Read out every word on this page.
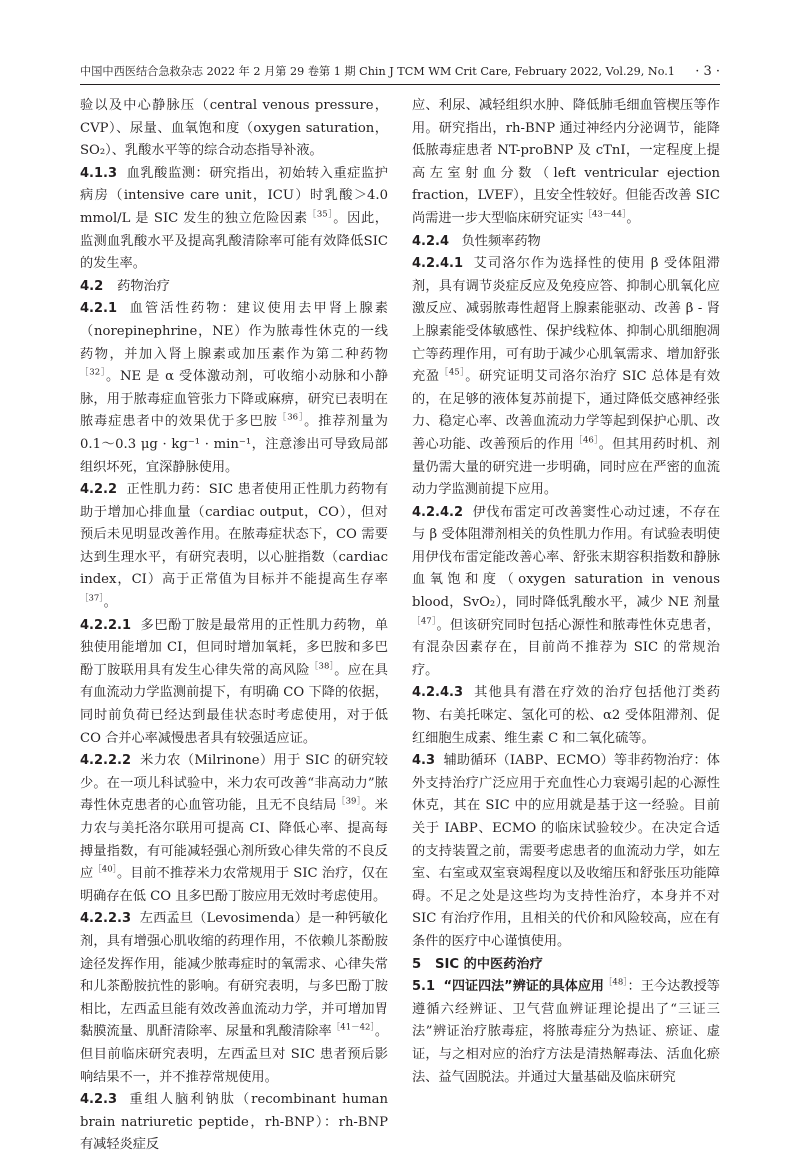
中国中西医结合急救杂志 2022 年 2 月第 29 卷第 1 期 Chin J TCM WM Crit Care, February 2022, Vol.29, No.1 · 3 ·

验以及中心静脉压（central venous pressure，CVP）、尿量、血氧饱和度（oxygen saturation，SO₂）、乳酸水平等的综合动态指导补液。

4.1.3 血乳酸监测：研究指出，初始转入重症监护病房（intensive care unit，ICU）时乳酸＞4.0 mmol/L 是 SIC 发生的独立危险因素$^{[35]}$。因此，监测血乳酸水平及提高乳酸清除率可能有效降低SIC的发生率。

4.2 药物治疗

4.2.1 血管活性药物：建议使用去甲肾上腺素（norepinephrine，NE）作为脓毒性休克的一线药物，并加入肾上腺素或加压素作为第二种药物$^{[32]}$。NE 是 α 受体激动剂，可收缩小动脉和小静脉，用于脓毒症血管张力下降或麻痹，研究已表明在脓毒症患者中的效果优于多巴胺$^{[36]}$。推荐剂量为 0.1～0.3 μg · kg⁻¹ · min⁻¹，注意渗出可导致局部组织坏死，宜深静脉使用。

4.2.2 正性肌力药：SIC 患者使用正性肌力药物有助于增加心排血量（cardiac output，CO），但对预后未见明显改善作用。在脓毒症状态下，CO 需要达到生理水平，有研究表明，以心脏指数（cardiac index，CI）高于正常值为目标并不能提高生存率$^{[37]}$。

4.2.2.1 多巴酚丁胺是最常用的正性肌力药物，单独使用能增加 CI，但同时增加氧耗，多巴胺和多巴酚丁胺联用具有发生心律失常的高风险$^{[38]}$。应在具有血流动力学监测前提下，有明确 CO 下降的依据，同时前负荷已经达到最佳状态时考虑使用，对于低 CO 合并心率减慢患者具有较强适应证。

4.2.2.2 米力农（Milrinone）用于 SIC 的研究较少。在一项儿科试验中，米力农可改善“非高动力”脓毒性休克患者的心血管功能，且无不良结局$^{[39]}$。米力农与美托洛尔联用可提高 CI、降低心率、提高每搏量指数，有可能减轻强心剂所致心律失常的不良反应$^{[40]}$。目前不推荐米力农常规用于 SIC 治疗，仅在明确存在低 CO 且多巴酚丁胺应用无效时考虑使用。

4.2.2.3 左西孟旦（Levosimenda）是一种钙敏化剂，具有增强心肌收缩的药理作用，不依赖儿茶酚胺途径发挥作用，能减少脓毒症时的氧需求、心律失常和儿茶酚胺抗性的影响。有研究表明，与多巴酚丁胺相比，左西孟旦能有效改善血流动力学，并可增加胃黏膜流量、肌酐清除率、尿量和乳酸清除率$^{[41-42]}$。但目前临床研究表明，左西孟旦对 SIC 患者预后影响结果不一，并不推荐常规使用。

4.2.3 重组人脑利钠肽（recombinant human brain natriuretic peptide，rh-BNP）：rh-BNP 有减轻炎症反

应、利尿、减轻组织水肿、降低肺毛细血管楔压等作用。研究指出，rh-BNP 通过神经内分泌调节，能降低脓毒症患者 NT-proBNP 及 cTnI，一定程度上提高左室射血分数（left ventricular ejection fraction，LVEF），且安全性较好。但能否改善 SIC 尚需进一步大型临床研究证实$^{[43-44]}$。

4.2.4 负性频率药物

4.2.4.1 艾司洛尔作为选择性的使用 β 受体阻滞剂，具有调节炎症反应及免疫应答、抑制心肌氧化应激反应、减弱脓毒性超肾上腺素能驱动、改善 β - 肾上腺素能受体敏感性、保护线粒体、抑制心肌细胞凋亡等药理作用，可有助于减少心肌氧需求、增加舒张充盈$^{[45]}$。研究证明艾司洛尔治疗 SIC 总体是有效的，在足够的液体复苏前提下，通过降低交感神经张力、稳定心率、改善血流动力学等起到保护心肌、改善心功能、改善预后的作用$^{[46]}$。但其用药时机、剂量仍需大量的研究进一步明确，同时应在严密的血流动力学监测前提下应用。

4.2.4.2 伊伐布雷定可改善窦性心动过速，不存在与 β 受体阻滞剂相关的负性肌力作用。有试验表明使用伊伐布雷定能改善心率、舒张末期容积指数和静脉血氧饱和度（oxygen saturation in venous blood，SvO₂），同时降低乳酸水平，减少 NE 剂量$^{[47]}$。但该研究同时包括心源性和脓毒性休克患者，有混杂因素存在，目前尚不推荐为 SIC 的常规治疗。

4.2.4.3 其他具有潜在疗效的治疗包括他汀类药物、右美托咪定、氢化可的松、α2 受体阻滞剂、促红细胞生成素、维生素 C 和二氧化硫等。

4.3 辅助循环（IABP、ECMO）等非药物治疗：体外支持治疗广泛应用于充血性心力衰竭引起的心源性休克，其在 SIC 中的应用就是基于这一经验。目前关于 IABP、ECMO 的临床试验较少。在决定合适的支持装置之前，需要考虑患者的血流动力学，如左室、右室或双室衰竭程度以及收缩压和舒张压功能障碍。不足之处是这些均为支持性治疗，本身并不对 SIC 有治疗作用，且相关的代价和风险较高，应在有条件的医疗中心谨慎使用。

5 SIC 的中医药治疗

5.1 “四证四法”辨证的具体应用$^{[48]}$：王今达教授等遵循六经辨证、卫气营血辨证理论提出了“三证三法”辨证治疗脓毒症，将脓毒症分为热证、瘀证、虚证，与之相对应的治疗方法是清热解毒法、活血化瘀法、益气固脱法。并通过大量基础及临床研究
